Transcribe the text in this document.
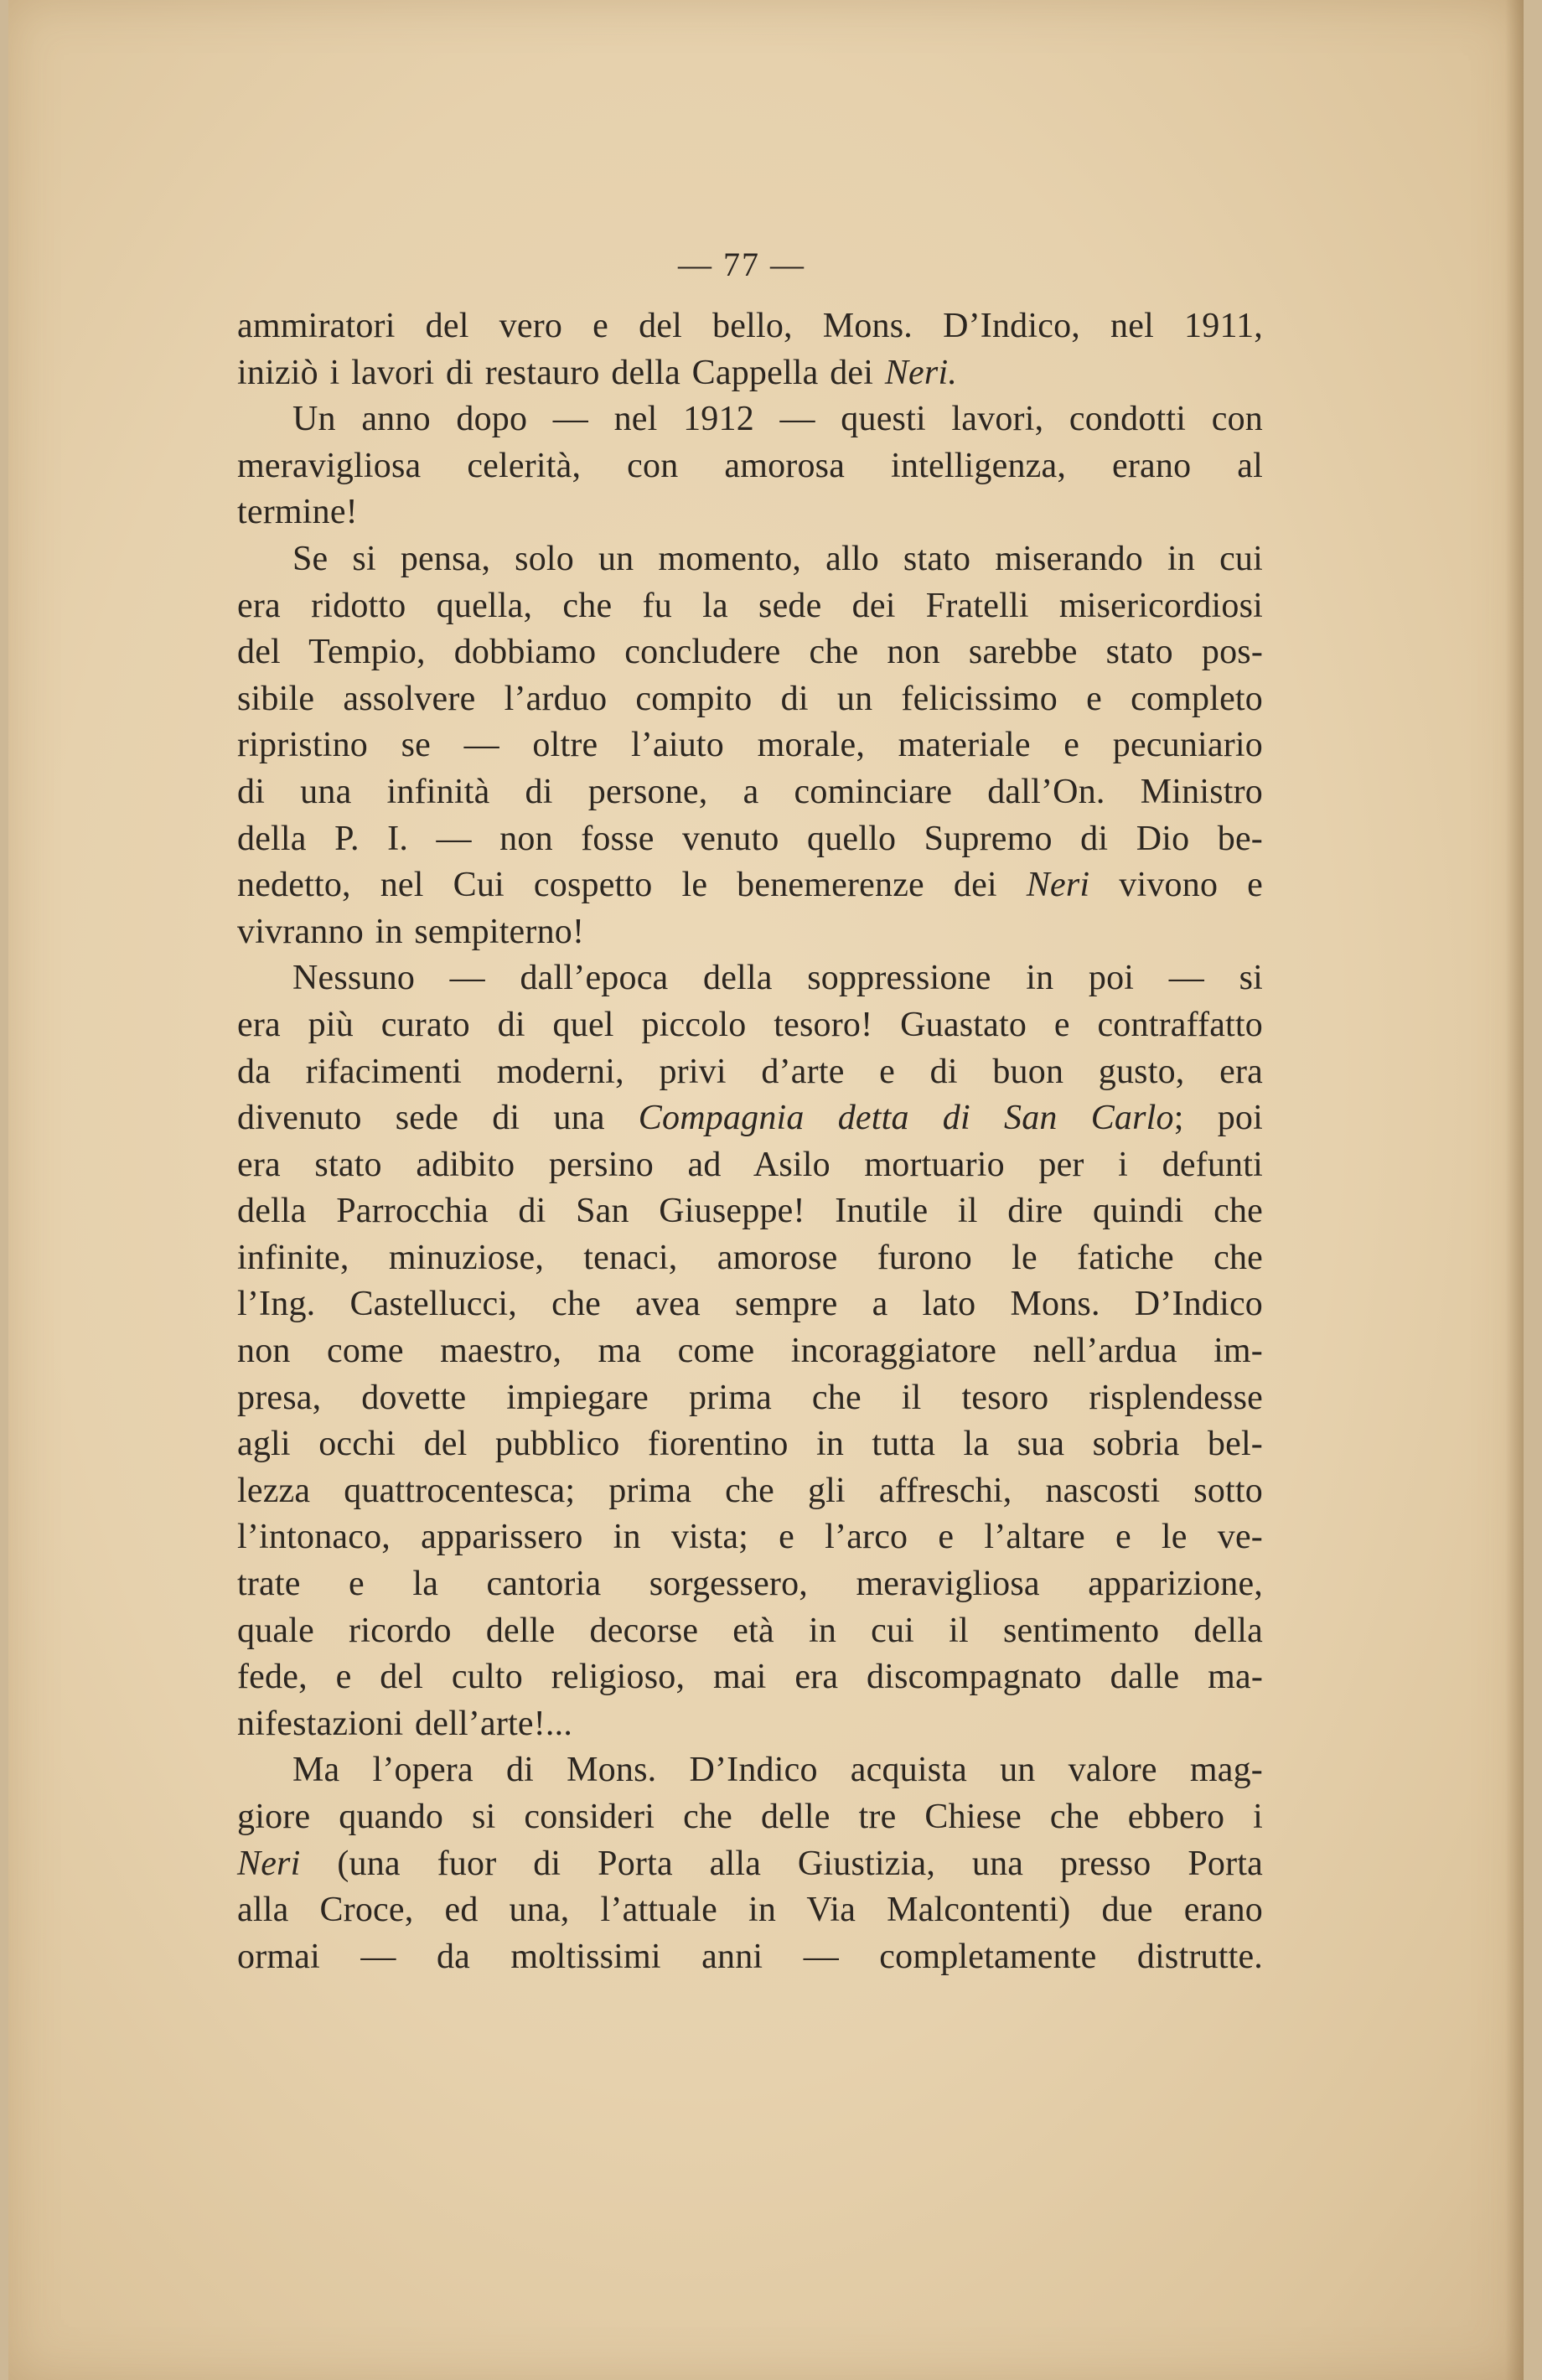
— 77 —
ammiratori del vero e del bello, Mons. D’Indico, nel 1911,
iniziò i lavori di restauro della Cappella dei Neri.
Un anno dopo — nel 1912 — questi lavori, condotti con
meravigliosa celerità, con amorosa intelligenza, erano al
termine!
Se si pensa, solo un momento, allo stato miserando in cui
era ridotto quella, che fu la sede dei Fratelli misericordiosi
del Tempio, dobbiamo concludere che non sarebbe stato pos-
sibile assolvere l’arduo compito di un felicissimo e completo
ripristino se — oltre l’aiuto morale, materiale e pecuniario
di una infinità di persone, a cominciare dall’On. Ministro
della P. I. — non fosse venuto quello Supremo di Dio be-
nedetto, nel Cui cospetto le benemerenze dei Neri vivono e
vivranno in sempiterno!
Nessuno — dall’epoca della soppressione in poi — si
era più curato di quel piccolo tesoro! Guastato e contraffatto
da rifacimenti moderni, privi d’arte e di buon gusto, era
divenuto sede di una Compagnia detta di San Carlo; poi
era stato adibito persino ad Asilo mortuario per i defunti
della Parrocchia di San Giuseppe! Inutile il dire quindi che
infinite, minuziose, tenaci, amorose furono le fatiche che
l’Ing. Castellucci, che avea sempre a lato Mons. D’Indico
non come maestro, ma come incoraggiatore nell’ardua im-
presa, dovette impiegare prima che il tesoro risplendesse
agli occhi del pubblico fiorentino in tutta la sua sobria bel-
lezza quattrocentesca; prima che gli affreschi, nascosti sotto
l’intonaco, apparissero in vista; e l’arco e l’altare e le ve-
trate e la cantoria sorgessero, meravigliosa apparizione,
quale ricordo delle decorse età in cui il sentimento della
fede, e del culto religioso, mai era discompagnato dalle ma-
nifestazioni dell’arte!...
Ma l’opera di Mons. D’Indico acquista un valore mag-
giore quando si consideri che delle tre Chiese che ebbero i
Neri (una fuor di Porta alla Giustizia, una presso Porta
alla Croce, ed una, l’attuale in Via Malcontenti) due erano
ormai — da moltissimi anni — completamente distrutte.
